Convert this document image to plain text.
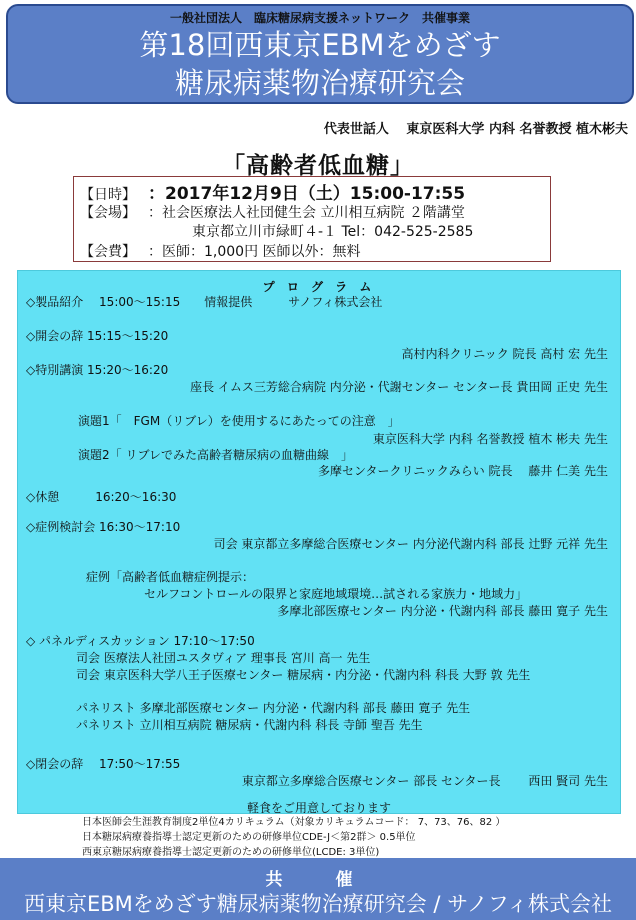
一般社団法人　臨床糖尿病支援ネットワーク　共催事業
第18回西東京EBMをめざす
糖尿病薬物治療研究会
代表世話人　 東京医科大学 内科 名誉教授 植木彬夫
「高齢者低血糖」
【日時】 ：2017年12月9日（土）15:00-17:55
【会場】 ：社会医療法人社団健生会 立川相互病院 ２階講堂
東京都立川市緑町４-１ Tel：042-525-2585
【会費】 ：医師：1,000円 医師以外：無料
プ ロ グ ラ ム
◇製品紹介　 15:00～15:15　　情報提供　　　サノフィ株式会社
◇開会の辞 15:15～15:20
高村内科クリニック 院長 高村 宏 先生
◇特別講演 15:20～16:20
座長 イムス三芳総合病院 内分泌・代謝センター センター長 貴田岡 正史 先生
演題1「　FGM（リブレ）を使用するにあたっての注意　」
東京医科大学 内科 名誉教授 植木 彬夫 先生
演題2「 リブレでみた高齢者糖尿病の血糖曲線　」
多摩センタークリニックみらい 院長　 藤井 仁美 先生
◇休憩　　　16:20～16:30
◇症例検討会 16:30～17:10
司会 東京都立多摩総合医療センター 内分泌代謝内科 部長 辻野 元祥 先生
症例「高齢者低血糖症例提示：
セルフコントロールの限界と家庭地域環境…試される家族力・地域力」
多摩北部医療センター 内分泌・代謝内科 部長 藤田 寛子 先生
◇ パネルディスカッション 17:10～17:50
司会 医療法人社団ユスタヴィア 理事長 宮川 高一 先生
司会 東京医科大学八王子医療センター 糖尿病・内分泌・代謝内科 科長 大野 敦 先生
パネリスト 多摩北部医療センター 内分泌・代謝内科 部長 藤田 寛子 先生
パネリスト 立川相互病院 糖尿病・代謝内科 科長 寺師 聖吾 先生
◇閉会の辞　 17:50～17:55
東京都立多摩総合医療センター 部長 センター長　　 西田 賢司 先生
軽食をご用意しております
日本医師会生涯教育制度2単位4カリキュラム（対象カリキュラムコード： 7、73、76、82 ）
日本糖尿病療養指導士認定更新のための研修単位CDE-J＜第2群＞ 0.5単位
西東京糖尿病療養指導士認定更新のための研修単位(LCDE: 3単位)
共　催
西東京EBMをめざす糖尿病薬物治療研究会 / サノフィ株式会社
